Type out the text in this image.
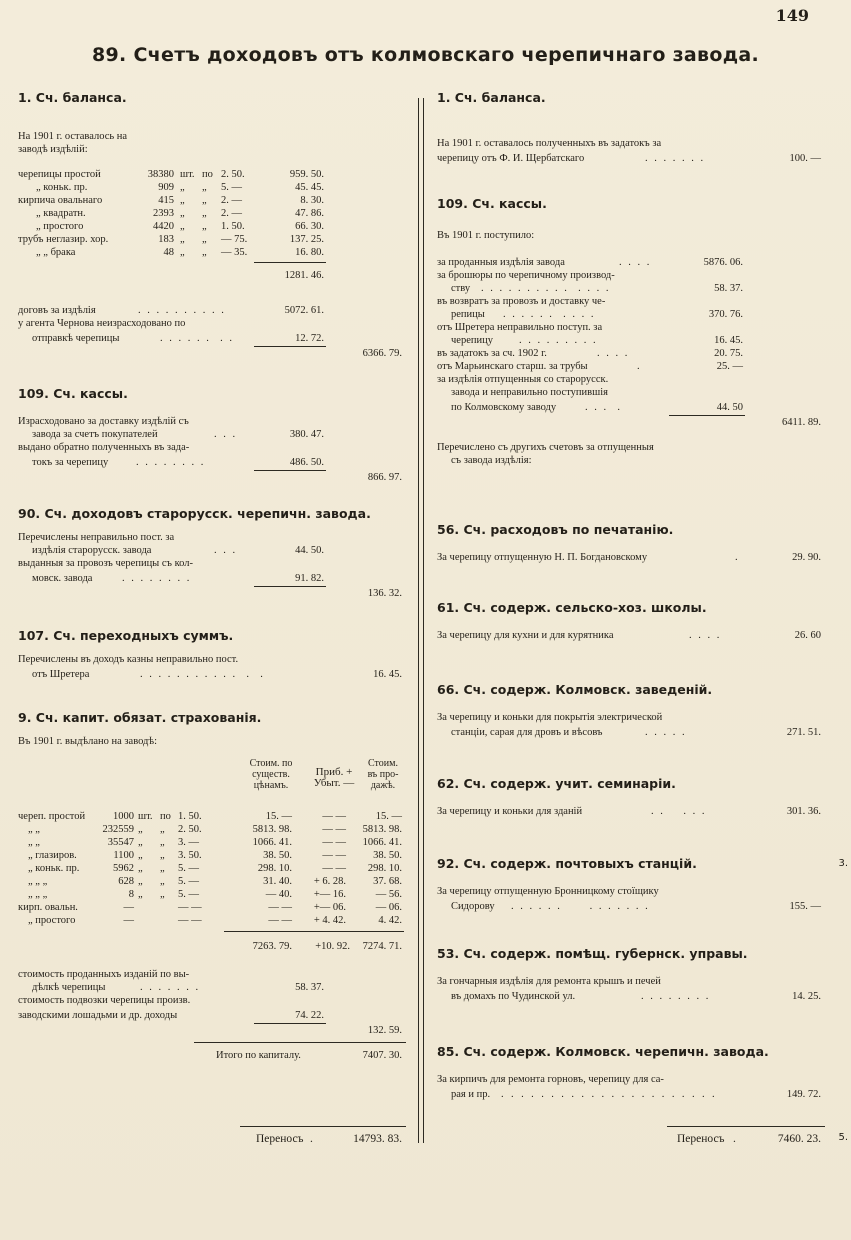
149
89. Счетъ доходовъ отъ колмовскаго черепичнаго завода.
1. Сч. баланса.
На 1901 г. оставалось на
заводѣ издѣлій:
черепицы простой	38380 шт. по 2. 50.	959. 50.
„ коньк. пр.	909 „ „ 5. —	45. 45.
кирпича овальнаго	415 „ „ 2. —	8. 30.
„ квадратн.	2393 „ „ 2. —	47. 86.
„ простого	4420 „ „ 1. 50.	66. 30.
трубъ неглазир. хор.	183 „ „ — 75.	137. 25.
„ „ брака	48 „ „ — 35.	16. 80.
1281. 46.
договъ за издѣлія	. . . . . . . . . .	5072. 61.
у агента Чернова неизрасходовано по
отправкѣ черепицы	. . . . . .  . .	12. 72.
6366. 79.
109. Сч. кассы.
Израсходовано за доставку издѣлій съ
завода за счетъ покупателей	. . .	380. 47.
выдано обратно полученныхъ въ зада-
токъ за черепицу	. . . . . . . .	486. 50.
866. 97.
90. Сч. доходовъ старорусск. черепичн. завода.
Перечислены неправильно пост. за
издѣлія старорусск. завода	. . .	44. 50.
выданныя за провозъ черепицы съ кол-
мовск. завода	. . . . . . . .	91. 82.
136. 32.
107. Сч. переходныхъ суммъ.
Перечислены въ доходъ казны неправильно пост.
отъ Шретера	. . . . . . . . . . .  .  .	16. 45.
9. Сч. капит. обязат. страхованія.
Въ 1901 г. выдѣлано на заводѣ:
Стоим. по
существ.
цѣнамъ.
Приб. +
Убыт. —
Стоим.
въ про-
дажѣ.
череп. простой	1000 шт. по 1. 50.	15. —	— —	15. —
„ „	232559 „ „ 2. 50.	5813. 98.	— —	5813. 98.
„ „	35547 „ „ 3. —	1066. 41.	— —	1066. 41.
„ глазиров.	1100 „ „ 3. 50.	38. 50.	— —	38. 50.
„ коньк. пр.	5962 „ „ 5. —	298. 10.	— —	298. 10.
„ „ „	628 „ „ 5. —	31. 40.	+ 6. 28.	37. 68.
„ „ „	8 „ „ 5. —	— 40.	+— 16.	— 56.
кирп. овальн.	—	— —	— —	+— 06.	— 06.
„ простого	—	— —	— —	+ 4. 42.	4. 42.
7263. 79.	+10. 92.	7274. 71.
стоимость проданныхъ изданій по вы-
дѣлкѣ черепицы	. . . . . . .	58. 37.
стоимость подвозки черепицы произв.
заводскими лошадьми и др. доходы	74. 22.
132. 59.
Итого по капиталу.	7407. 30.
Переносъ .	14793. 83.
1. Сч. баланса.
На 1901 г. оставалось полученныхъ въ задатокъ за
черепицу отъ Ф. И. Щербатскаго	. . . . . . .	100. —
109. Сч. кассы.
Въ 1901 г. поступило:
за проданныя издѣлія завода	. . . .	5876. 06.
за брошюры по черепичному производ-
ству . . . . . . . . . .  . . . .	58. 37.
въ возвратъ за провозъ и доставку че-
репицы . . . . . .  . . . .	370. 76.
отъ Шретера неправильно поступ. за
черепицу . . . . . . . . .	16. 45.
въ задатокъ за сч. 1902 г.	. . . .	20. 75.
отъ Марьинскаго старш. за трубы	.	25. —
за издѣлія отпущенныя со старорусск.
завода и неправильно поступившія
по Колмовскому заводу	. . .  .	44. 50
6411. 89.
Перечислено съ другихъ счетовъ за отпущенныя
съ завода издѣлія:
56. Сч. расходовъ по печатанію.
За черепицу отпущенную Н. П. Богдановскому	.	29. 90.
61. Сч. содерж. сельско-хоз. школы.
За черепицу для кухни и для курятника	. . . .	26. 60
66. Сч. содерж. Колмовск. заведеній.
За черепицу и коньки для покрытія электрической
станціи, сарая для дровъ и вѣсовъ	. . . . .	271. 51.
62. Сч. содерж. учит. семинаріи.
За черепицу и коньки для зданій	. .    . . .	301. 36.
92. Сч. содерж. почтовыхъ станцій.
За черепицу отпущенную Бронницкому стоїщику
Сидорову . . . . . .      . . . . . . .	155. —
53. Сч. содерж. помѣщ. губернск. управы.
За гончарныя издѣлія для ремонта крышъ и печей
въ домахъ по Чудинской ул.	. . . . . . . .	14. 25.
85. Сч. содерж. Колмовск. черепичн. завода.
За кирпичъ для ремонта горновъ, черепицу для са-
рая и пр. . . . . . . . . . . . . . . . . . . . . . .	149. 72.
Переносъ .	7460. 23.
3.
5.
